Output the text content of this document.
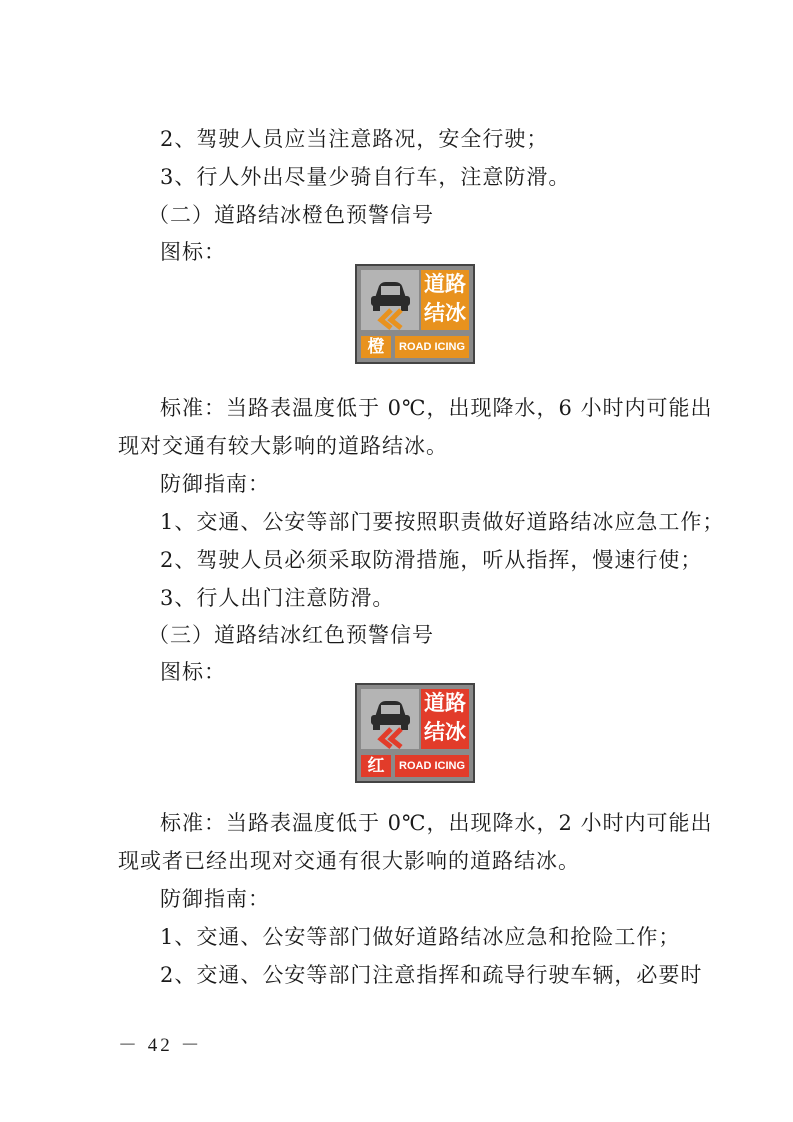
2、驾驶人员应当注意路况，安全行驶；
3、行人外出尽量少骑自行车，注意防滑。
（二）道路结冰橙色预警信号
图标：
道路
结冰
橙	ROAD ICING
标准：当路表温度低于 0℃，出现降水，6 小时内可能出
现对交通有较大影响的道路结冰。
防御指南：
1、交通、公安等部门要按照职责做好道路结冰应急工作；
2、驾驶人员必须采取防滑措施，听从指挥，慢速行使；
3、行人出门注意防滑。
（三）道路结冰红色预警信号
图标：
道路
结冰
红	ROAD ICING
标准：当路表温度低于 0℃，出现降水，2 小时内可能出
现或者已经出现对交通有很大影响的道路结冰。
防御指南：
1、交通、公安等部门做好道路结冰应急和抢险工作；
2、交通、公安等部门注意指挥和疏导行驶车辆，必要时
－ 42 －
